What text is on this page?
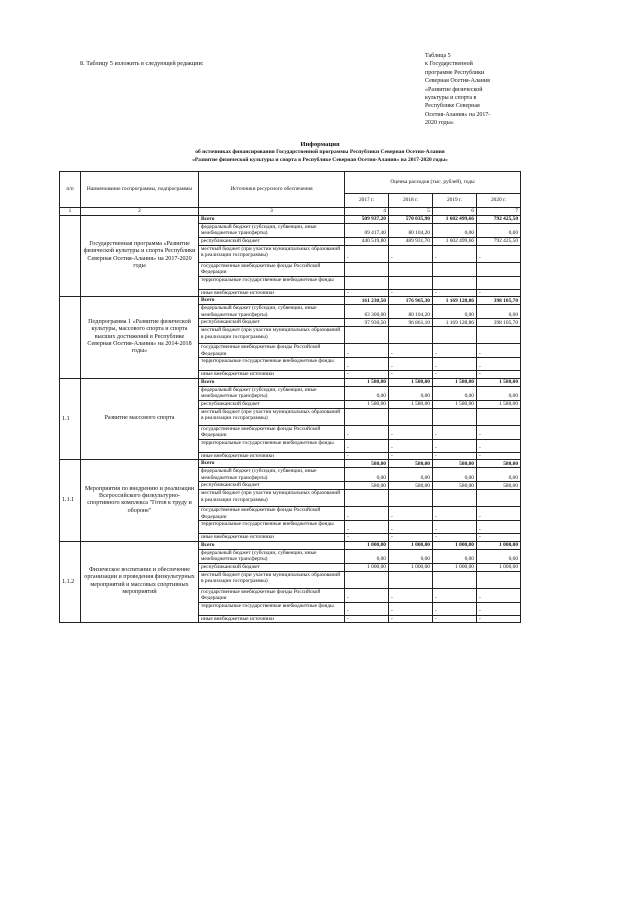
8. Таблицу 5 изложить в следующей редакции:
Таблица 5
к Государственной
программе Республики
Северная Осетия-Алания
«Развитие физической
культуры и спорта в
Республике Северная
Осетия-Алания» на 2017-
2020 годы»
Информация
об источниках финансирования Государственной программы Республики Северная Осетия-Алания
«Развитие физической культуры и спорта в Республике Северная Осетия-Алания» на 2017-2020 годы»
п/п	Наименование госпрограммы, подпрограммы	Источники ресурсного обеспечения	Оценка расходов (тыс. рублей), годы			
			2017 г.	2018 г.	2019 г.	2020 г.
1	2	3	4	5	6	7
	Государственная программа «Развитие физической культуры и спорта Республики Северная Осетия-Алания» на 2017-2020 годы	Всего	509 937,20	570 035,90	1 602 499,66	792 425,50
		федеральный бюджет (субсидии, субвенции, иные межбюджетные трансферты)	69 417,40	80 104,20	0,00	0,00
		республиканский бюджет	440 519,80	489 931,70	1 602 499,66	792 425,50
		местный бюджет (при участии муниципальных образований в реализации госпрограммы)	-	-	-	-
		государственные внебюджетные фонды Российской Федерации				
		территориальные государственные внебюджетные фонды				
		иные внебюджетные источники	-	-	-	-
	Подпрограмма 1 «Развитие физической культуры, массового спорта и спорта высших достижений в Республике Северная Осетия-Алания» на 2014-2018 годы»	Всего	161 230,50	176 965,30	1 169 128,86	398 105,70
		федеральный бюджет (субсидии, субвенции, иные межбюджетные трансферты)	63 300,00	80 104,20	0,00	0,00
		республиканский бюджет	97 930,50	96 861,10	1 169 128,86	398 105,70
		местный бюджет (при участии муниципальных образований в реализации госпрограммы)				
		государственные внебюджетные фонды Российской Федерации	-	-	-	-
		территориальные государственные внебюджетные фонды	-	-	-	-
		иные внебюджетные источники	-	-	-	-
1.1	Развитие массового спорта	Всего	1 580,00	1 580,00	1 580,00	1 580,00
		федеральный бюджет (субсидии, субвенции, иные межбюджетные трансферты)	0,00	0,00	0,00	0,00
		республиканский бюджет	1 580,00	1 580,00	1 580,00	1 580,00
		местный бюджет (при участии муниципальных образований в реализации госпрограммы)				
		государственные внебюджетные фонды Российской Федерации	-	-	-	-
		территориальные государственные внебюджетные фонды	-	-	-	-
		иные внебюджетные источники	-	-	-	-
1.1.1	Мероприятия по внедрению и реализации Всероссийского физкультурно-спортивного комплекса "Готов к труду и обороне"	Всего	580,00	580,00	580,00	580,00
		федеральный бюджет (субсидии, субвенции, иные межбюджетные трансферты)	0,00	0,00	0,00	0,00
		республиканский бюджет	580,00	580,00	580,00	580,00
		местный бюджет (при участии муниципальных образований в реализации госпрограммы)				
		государственные внебюджетные фонды Российской Федерации	-	-	-	-
		территориальные государственные внебюджетные фонды	-	-	-	-
		иные внебюджетные источники	-	-	-	-
1.1.2	Физическое воспитание и обеспечение организации и проведения физкультурных мероприятий и массовых спортивных мероприятий	Всего	1 000,00	1 000,00	1 000,00	1 000,00
		федеральный бюджет (субсидии, субвенции, иные межбюджетные трансферты)	0,00	0,00	0,00	0,00
		республиканский бюджет	1 000,00	1 000,00	1 000,00	1 000,00
		местный бюджет (при участии муниципальных образований в реализации госпрограммы)				
		государственные внебюджетные фонды Российской Федерации	-	-	-	-
		территориальные государственные внебюджетные фонды	-	-	-	-
		иные внебюджетные источники	-	-	-	-
